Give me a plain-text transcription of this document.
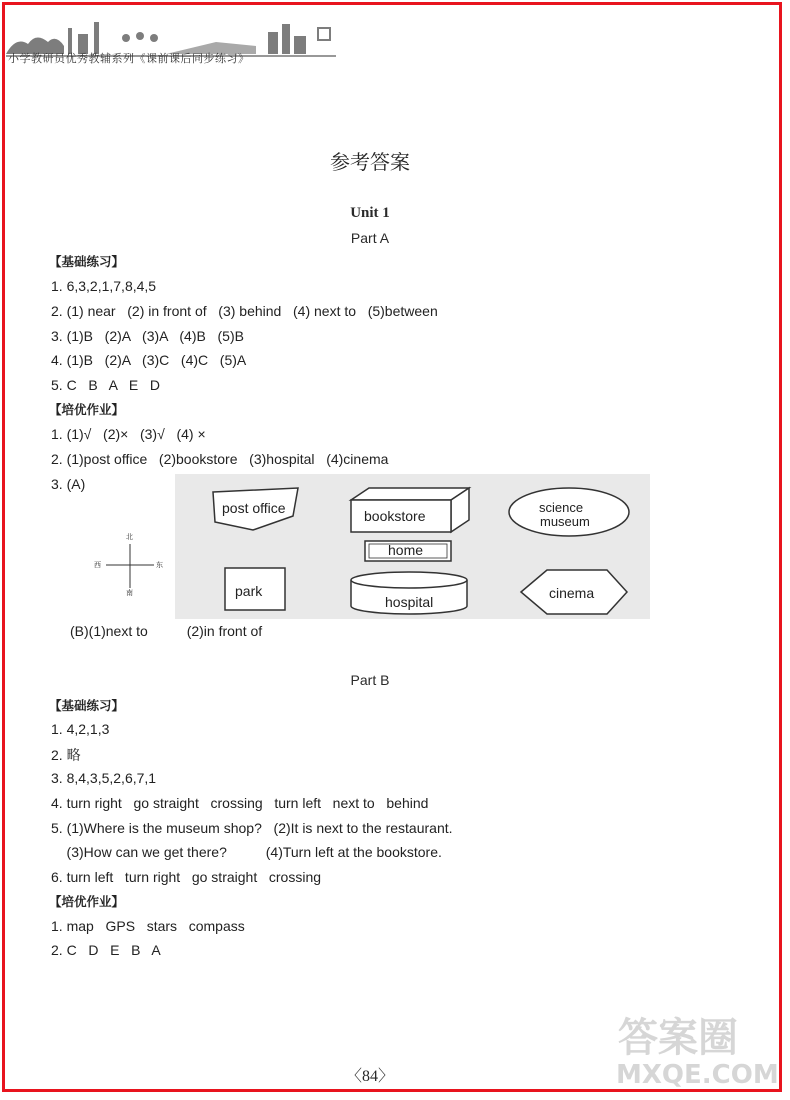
小学教研员优秀教辅系列《课前课后同步练习》
参考答案
Unit 1
Part A
【基础练习】
1. 6,3,2,1,7,8,4,5
2. (1) near   (2) in front of   (3) behind   (4) next to   (5)between
3. (1)B   (2)A   (3)A   (4)B   (5)B
4. (1)B   (2)A   (3)C   (4)C   (5)A
5. C   B   A   E   D
【培优作业】
1. (1)√   (2)×   (3)√   (4) ×
2. (1)post office   (2)bookstore   (3)hospital   (4)cinema
3. (A)
北
南
西	东
post office	bookstore
science
museum
home
park
hospital
cinema
(B)(1)next to          (2)in front of
Part B
【基础练习】
1. 4,2,1,3
2. 略
3. 8,4,3,5,2,6,7,1
4. turn right   go straight   crossing   turn left   next to   behind
5. (1)Where is the museum shop?   (2)It is next to the restaurant.
(3)How can we get there?          (4)Turn left at the bookstore.
6. turn left   turn right   go straight   crossing
【培优作业】
1. map   GPS   stars   compass
2. C   D   E   B   A
〈84〉
答案圈
MXQE.COM
